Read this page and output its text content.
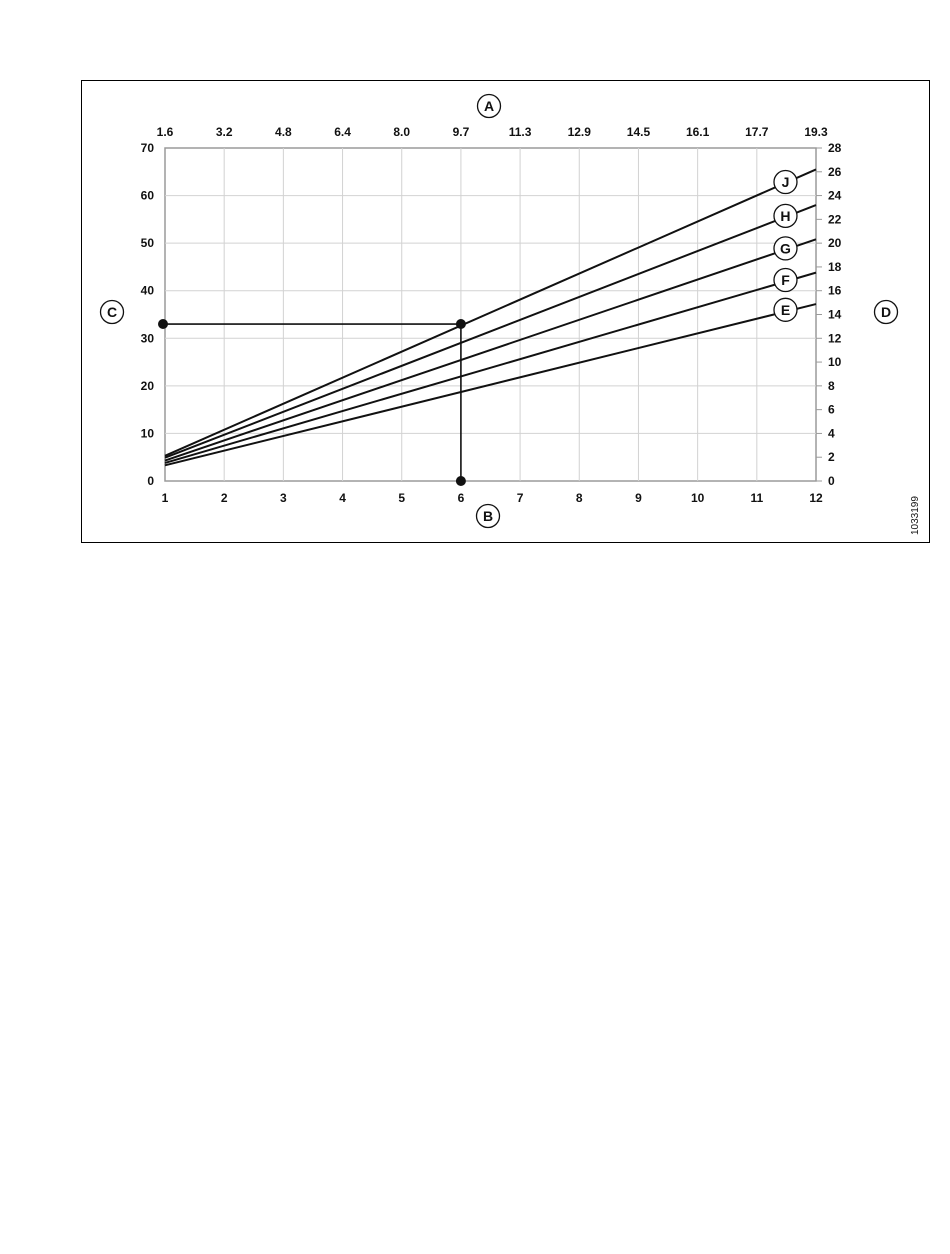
1
1.6
2
3.2
3
4.8
4
6.4
5
8.0
6
9.7
7
11.3
8
12.9
9
14.5
10
16.1
11
17.7
12
19.3
0
10
20
30
40
50
60
70
0
2
4
6
8
10
12
14
16
18
20
22
24
26
28
A
B
C	D
E
F
G
H
J
1033199
